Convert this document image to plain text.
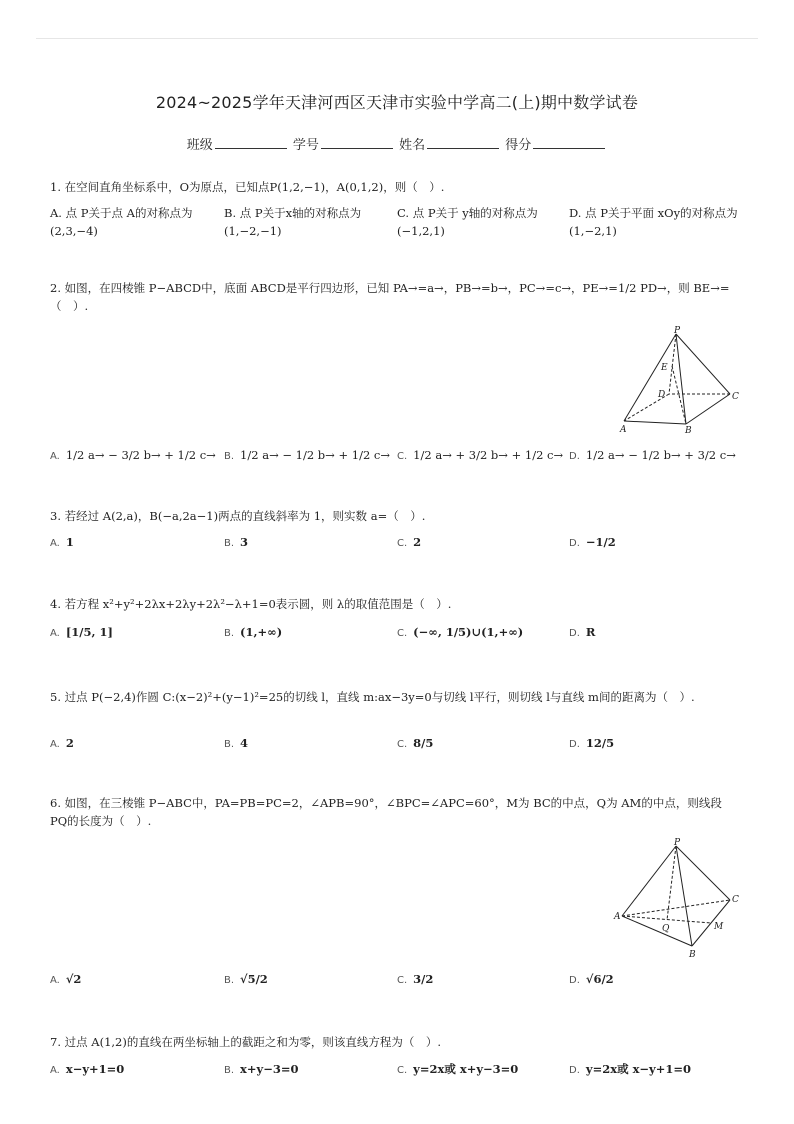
2024~2025学年天津河西区天津市实验中学高二(上)期中数学试卷
班级	学号	姓名	得分
1. 在空间直角坐标系中，O为原点，已知点P(1,2,−1)，A(0,1,2)，则（　）.
A. 点 P关于点 A的对称点为 (2,3,−4)
B. 点 P关于x轴的对称点为 (1,−2,−1)
C. 点 P关于 y轴的对称点为 (−1,2,1)
D. 点 P关于平面 xOy的对称点为 (1,−2,1)
2. 如图，在四棱锥 P−ABCD中，底面 ABCD是平行四边形，已知 PA→=a→，PB→=b→，PC→=c→，PE→=1/2 PD→，则 BE→=（　）.
P
E
D	C
A	B
A. 1/2 a→ − 3/2 b→ + 1/2 c→ B. 1/2 a→ − 1/2 b→ + 1/2 c→ C. 1/2 a→ + 3/2 b→ + 1/2 c→ D. 1/2 a→ − 1/2 b→ + 3/2 c→
3. 若经过 A(2,a)，B(−a,2a−1)两点的直线斜率为 1，则实数 a=（　）.
A. 1	B. 3	C. 2	D. −1/2
4. 若方程 x²+y²+2λx+2λy+2λ²−λ+1=0表示圆，则 λ的取值范围是（　）.
A. [1/5, 1]	B. (1,+∞)	C. (−∞, 1/5)∪(1,+∞)	D. R
5. 过点 P(−2,4)作圆 C:(x−2)²+(y−1)²=25的切线 l，直线 m:ax−3y=0与切线 l平行，则切线 l与直线 m间的距离为（　）.
A. 2	B. 4	C. 8/5	D. 12/5
6. 如图，在三棱锥 P−ABC中，PA=PB=PC=2，∠APB=90°，∠BPC=∠APC=60°，M为 BC的中点，Q为 AM的中点，则线段 PQ的长度为（　）.
P
A
C
Q	M
B
A. √2	B. √5/2	C. 3/2	D. √6/2
7. 过点 A(1,2)的直线在两坐标轴上的截距之和为零，则该直线方程为（　）.
A. x−y+1=0	B. x+y−3=0	C. y=2x或 x+y−3=0	D. y=2x或 x−y+1=0
